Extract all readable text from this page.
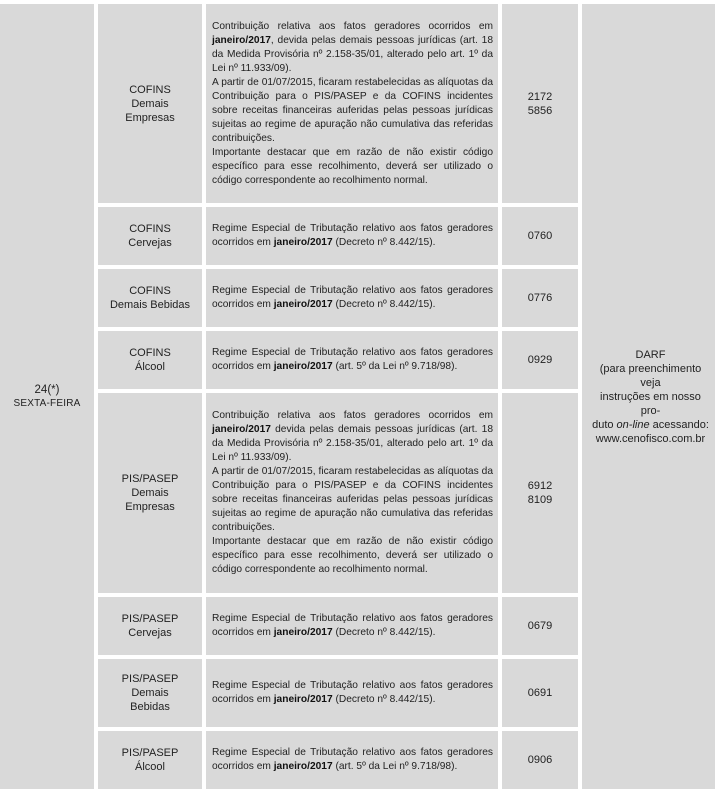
24(*)
SEXTA-FEIRA
DARF
(para preenchimento veja
instruções em nosso pro-
duto on-line acessando:
www.cenofisco.com.br
COFINS
Demais
Empresas

Contribuição relativa aos fatos geradores ocorridos em janeiro/2017, devida pelas demais pessoas jurídicas (art. 18 da Medida Provisória nº 2.158-35/01, alterado pelo art. 1º da Lei nº 11.933/09).

A partir de 01/07/2015, ficaram restabelecidas as alíquotas da Contribuição para o PIS/PASEP e da COFINS incidentes sobre receitas financeiras auferidas pelas pessoas jurídicas sujeitas ao regime de apuração não cumulativa das referidas contribuições.

Importante destacar que em razão de não existir código específico para esse recolhimento, deverá ser utilizado o código correspondente ao recolhimento normal.

2172
5856
COFINS
Cervejas

Regime Especial de Tributação relativo aos fatos geradores ocorridos em janeiro/2017 (Decreto nº 8.442/15).

0760
COFINS
Demais Bebidas

Regime Especial de Tributação relativo aos fatos geradores ocorridos em janeiro/2017 (Decreto nº 8.442/15).

0776
COFINS
Álcool

Regime Especial de Tributação relativo aos fatos geradores ocorridos em janeiro/2017 (art. 5º da Lei nº 9.718/98).

0929
PIS/PASEP
Demais
Empresas

Contribuição relativa aos fatos geradores ocorridos em janeiro/2017 devida pelas demais pessoas jurídicas (art. 18 da Medida Provisória nº 2.158-35/01, alterado pelo art. 1º da Lei nº 11.933/09).

A partir de 01/07/2015, ficaram restabelecidas as alíquotas da Contribuição para o PIS/PASEP e da COFINS incidentes sobre receitas financeiras auferidas pelas pessoas jurídicas sujeitas ao regime de apuração não cumulativa das referidas contribuições.

Importante destacar que em razão de não existir código específico para esse recolhimento, deverá ser utilizado o código correspondente ao recolhimento normal.

6912
8109
PIS/PASEP
Cervejas

Regime Especial de Tributação relativo aos fatos geradores ocorridos em janeiro/2017 (Decreto nº 8.442/15).

0679
PIS/PASEP
Demais
Bebidas

Regime Especial de Tributação relativo aos fatos geradores ocorridos em janeiro/2017 (Decreto nº 8.442/15).

0691
PIS/PASEP
Álcool

Regime Especial de Tributação relativo aos fatos geradores ocorridos em janeiro/2017 (art. 5º da Lei nº 9.718/98).

0906
